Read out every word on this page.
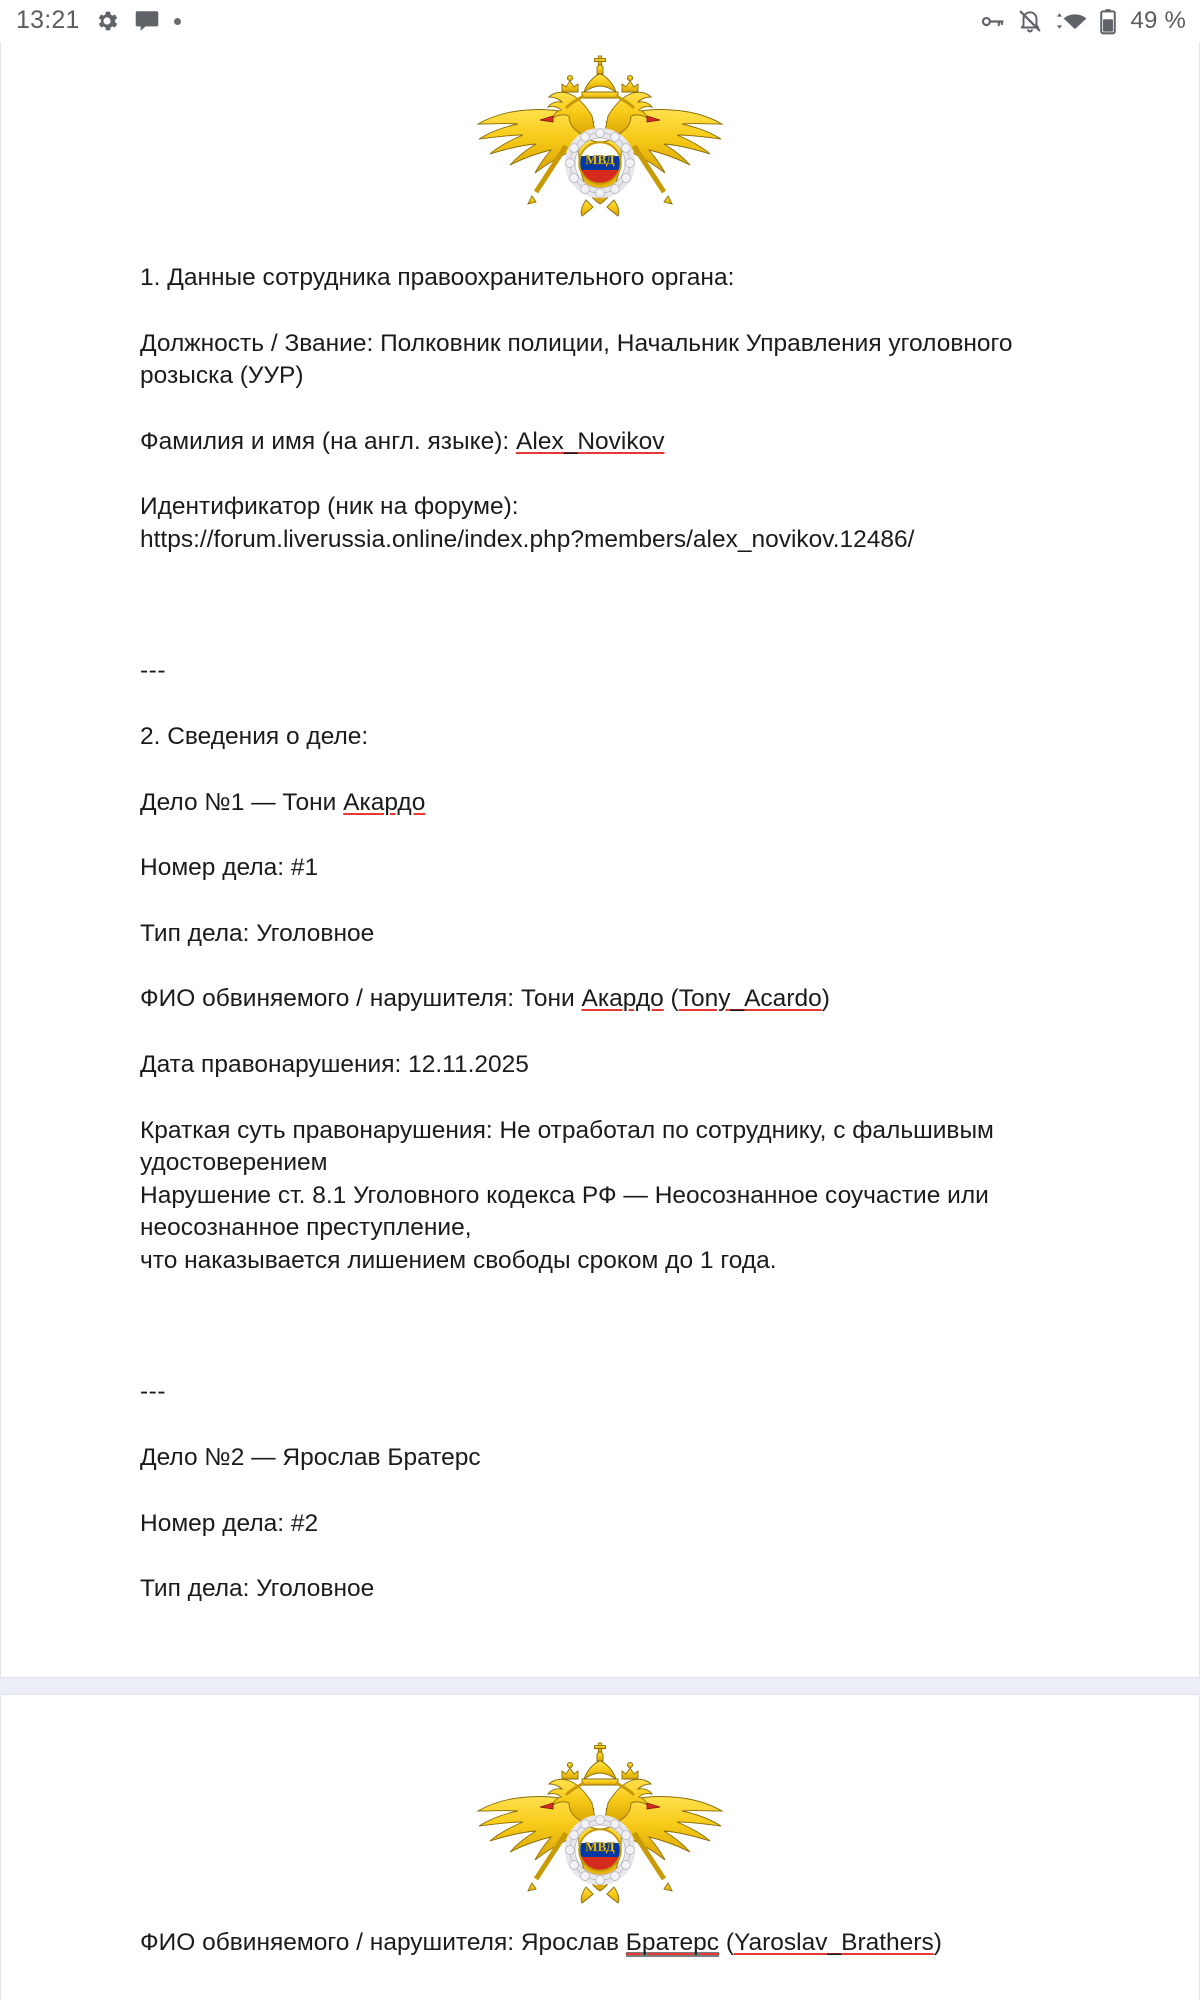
13:21	49 %
МВД

1. Данные сотрудника правоохранительного органа:

Должность / Звание: Полковник полиции, Начальник Управления уголовного розыска (УУР)

Фамилия и имя (на англ. языке): Alex_Novikov

Идентификатор (ник на форуме):

https://forum.liverussia.online/index.php?members/alex_novikov.12486/

---

2. Сведения о деле:

Дело №1 — Тони Акардо

Номер дела: #1

Тип дела: Уголовное

ФИО обвиняемого / нарушителя: Тони Акардо (Tony_Acardo)

Дата правонарушения: 12.11.2025

Краткая суть правонарушения: Не отработал по сотруднику, с фальшивым

удостоверением

Нарушение ст. 8.1 Уголовного кодекса РФ — Неосознанное соучастие или

неосознанное преступление,

что наказывается лишением свободы сроком до 1 года.

---

Дело №2 — Ярослав Братерс

Номер дела: #2

Тип дела: Уголовное

МВД

ФИО обвиняемого / нарушителя: Ярослав Братерс (Yaroslav_Brathers)
